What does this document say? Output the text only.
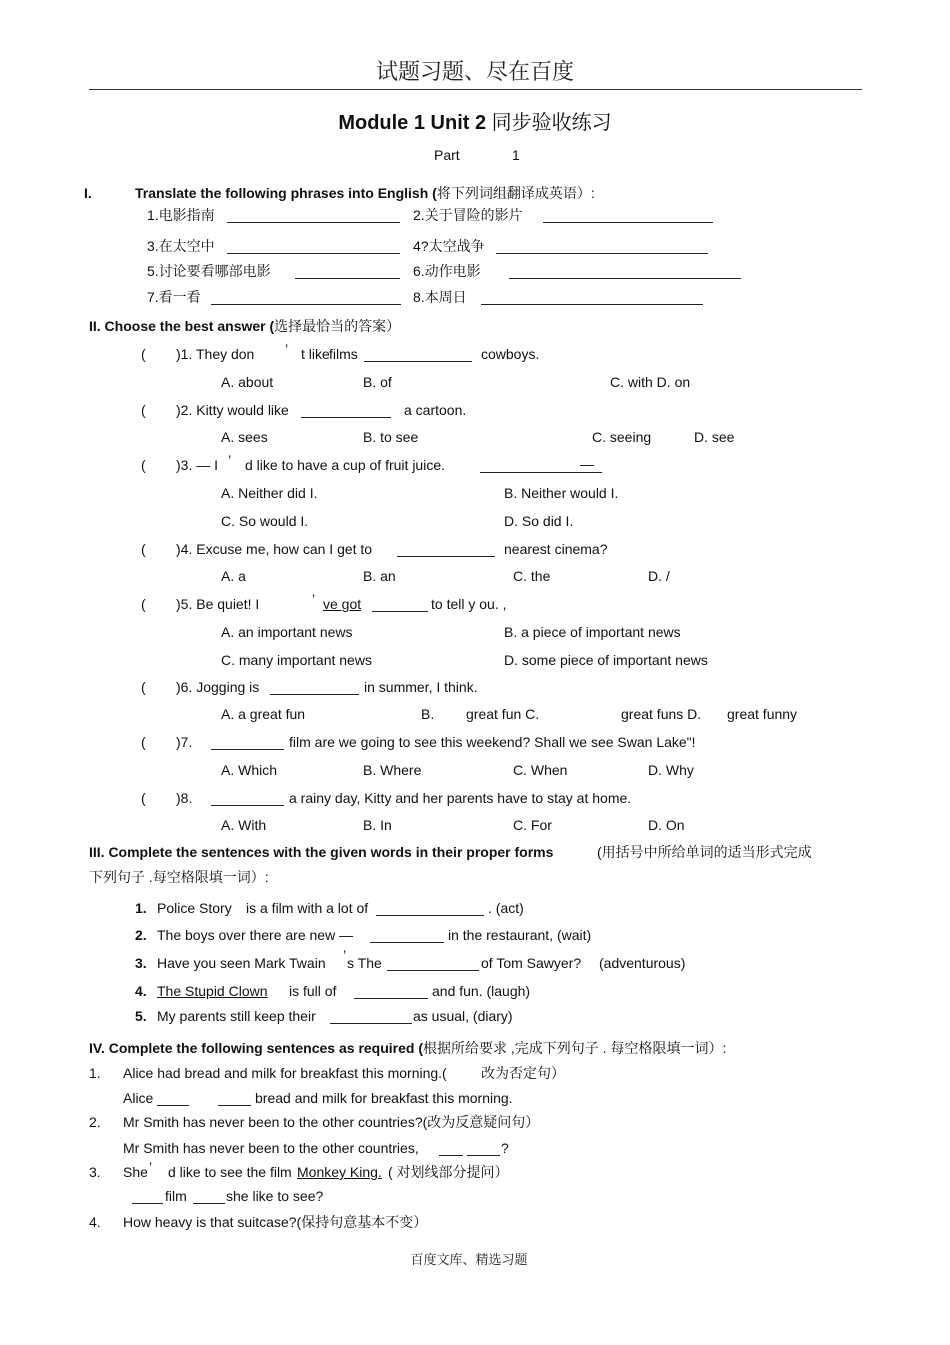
试题习题、尽在百度
Module 1 Unit 2 同步验收练习
Part	1
I.	Translate the following phrases into English (将下列词组翻译成英语）:
1.电影指南	2.关于冒险的影片
3.在太空中	4?太空战争
5.讨论要看哪部电影	6.动作电影
7.看一看	8.本周日
II. Choose the best answer (选择最恰当的答案）
( )1. They don ’ t like films	cowboys.
A. about	B. of	C. with D. on
( )2. Kitty would like	a cartoon.
A. sees	B. to see	C. seeing	D. see
( )3. — I ’ d like to have a cup of fruit juice.	—
A. Neither did I.	B. Neither would I.
C. So would I.	D. So did I.
( )4. Excuse me, how can I get to	nearest cinema?
A. a	B. an	C. the	D. /
( )5. Be quiet! I	’ ve got	to tell y ou. ,
A. an important news	B. a piece of important news
C. many important news	D. some piece of important news
( )6. Jogging is	in summer, I think.
A. a great fun	B. great fun C.	great funs D. great funny
( )7.	film are we going to see this weekend? Shall we see Swan Lake"!
A. Which	B. Where	C. When	D. Why
( )8.	a rainy day, Kitty and her parents have to stay at home.
A. With	B. In	C. For	D. On
III. Complete the sentences with the given words in their proper forms	(用括号中所给单词的适当形式完成
下列句子 .每空格限填一词）:
1. Police Story is a film with a lot of	. (act)
2. The boys over there are new —	in the restaurant, (wait)
3. Have you seen Mark Twain ’ s The	of Tom Sawyer? (adventurous)
4. The Stupid Clown is full of	and fun. (laugh)
5. My parents still keep their	as usual, (diary)
IV. Complete the following sentences as required (根据所给要求 ,完成下列句子 . 每空格限填一词）:
1. Alice had bread and milk for breakfast this morning.( 改为否定句）
Alice	bread and milk for breakfast this morning.
2. Mr Smith has never been to the other countries?(改为反意疑问句）
Mr Smith has never been to the other countries,	?
3. She ’ d like to see the film Monkey King. ( 对划线部分提问）
film	she like to see?
4. How heavy is that suitcase?(保持句意基本不变）
百度文库、精选习题
